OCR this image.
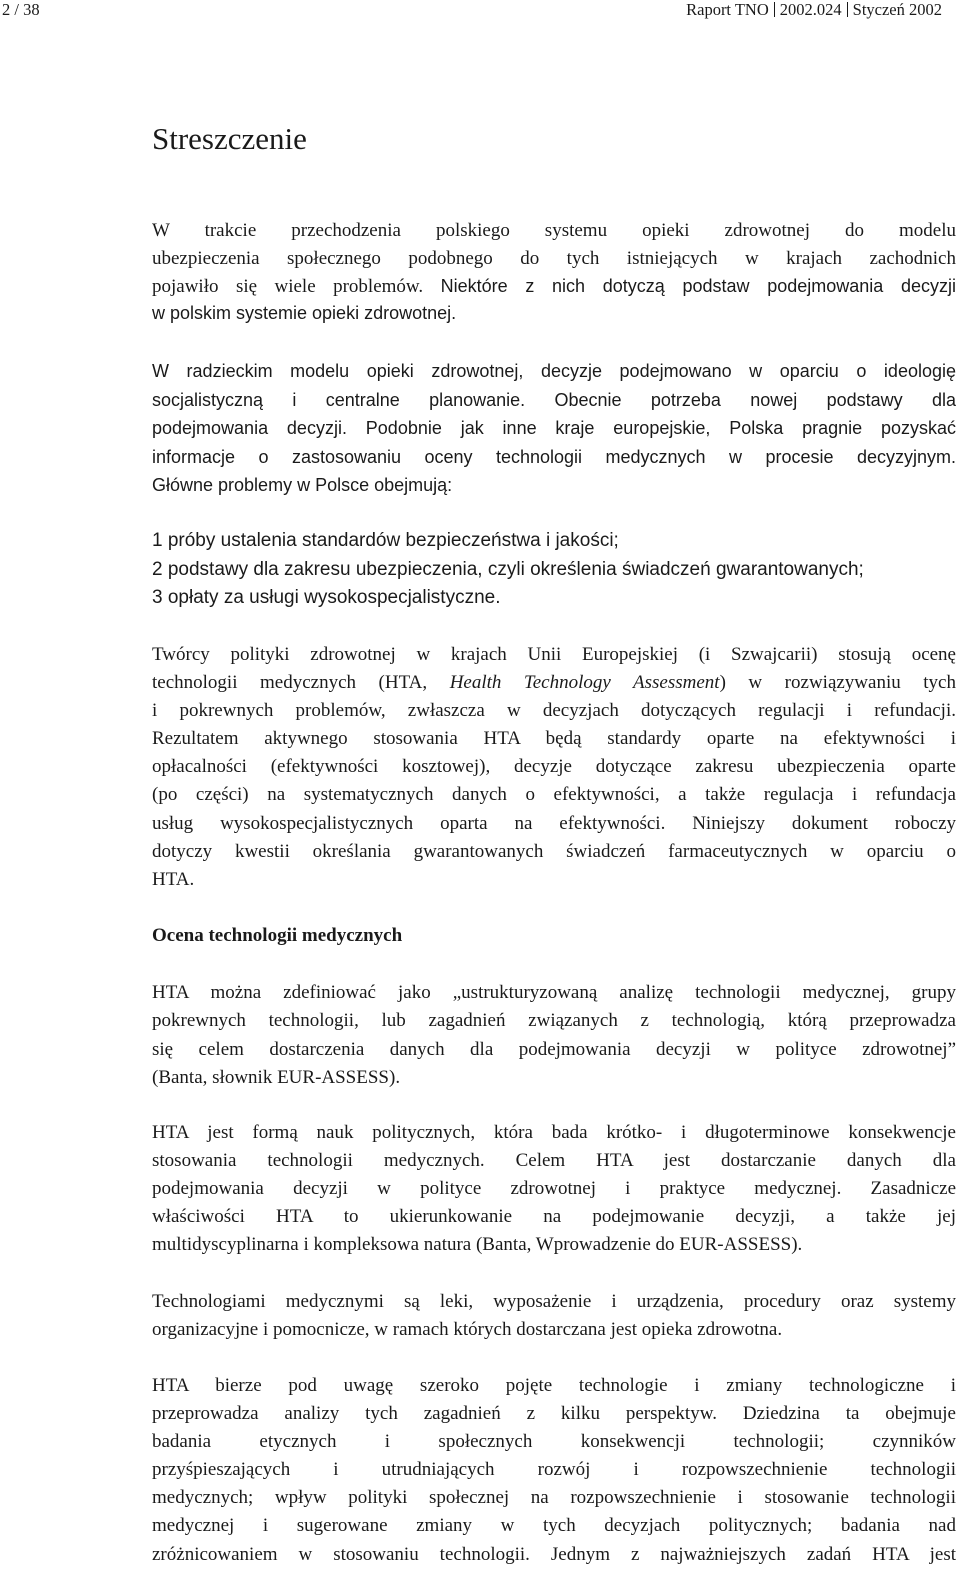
2 / 38	Raport TNO 2002.024 Styczeń 2002
Streszczenie
W trakcie przechodzenia polskiego systemu opieki zdrowotnej do modelu
ubezpieczenia społecznego podobnego do tych istniejących w krajach zachodnich
pojawiło się wiele problemów. Niektóre z nich dotyczą podstaw podejmowania decyzji
w polskim systemie opieki zdrowotnej.
W radzieckim modelu opieki zdrowotnej, decyzje podejmowano w oparciu o ideologię
socjalistyczną i centralne planowanie. Obecnie potrzeba nowej podstawy dla
podejmowania decyzji. Podobnie jak inne kraje europejskie, Polska pragnie pozyskać
informacje o zastosowaniu oceny technologii medycznych w procesie decyzyjnym.
Główne problemy w Polsce obejmują:
1 próby ustalenia standardów bezpieczeństwa i jakości;
2 podstawy dla zakresu ubezpieczenia, czyli określenia świadczeń gwarantowanych;
3 opłaty za usługi wysokospecjalistyczne.
Twórcy polityki zdrowotnej w krajach Unii Europejskiej (i Szwajcarii) stosują ocenę
technologii medycznych (HTA, Health Technology Assessment) w rozwiązywaniu tych
i pokrewnych problemów, zwłaszcza w decyzjach dotyczących regulacji i refundacji.
Rezultatem aktywnego stosowania HTA będą standardy oparte na efektywności i
opłacalności (efektywności kosztowej), decyzje dotyczące zakresu ubezpieczenia oparte
(po części) na systematycznych danych o efektywności, a także regulacja i refundacja
usług wysokospecjalistycznych oparta na efektywności. Niniejszy dokument roboczy
dotyczy kwestii określania gwarantowanych świadczeń farmaceutycznych w oparciu o
HTA.
Ocena technologii medycznych
HTA można zdefiniować jako „ustrukturyzowaną analizę technologii medycznej, grupy
pokrewnych technologii, lub zagadnień związanych z technologią, którą przeprowadza
się celem dostarczenia danych dla podejmowania decyzji w polityce zdrowotnej”
(Banta, słownik EUR-ASSESS).
HTA jest formą nauk politycznych, która bada krótko- i długoterminowe konsekwencje
stosowania technologii medycznych. Celem HTA jest dostarczanie danych dla
podejmowania decyzji w polityce zdrowotnej i praktyce medycznej. Zasadnicze
właściwości HTA to ukierunkowanie na podejmowanie decyzji, a także jej
multidyscyplinarna i kompleksowa natura (Banta, Wprowadzenie do EUR-ASSESS).
Technologiami medycznymi są leki, wyposażenie i urządzenia, procedury oraz systemy
organizacyjne i pomocnicze, w ramach których dostarczana jest opieka zdrowotna.
HTA bierze pod uwagę szeroko pojęte technologie i zmiany technologiczne i
przeprowadza analizy tych zagadnień z kilku perspektyw. Dziedzina ta obejmuje
badania etycznych i społecznych konsekwencji technologii; czynników
przyśpieszających i utrudniających rozwój i rozpowszechnienie technologii
medycznych; wpływ polityki społecznej na rozpowszechnienie i stosowanie technologii
medycznej i sugerowane zmiany w tych decyzjach politycznych; badania nad
zróżnicowaniem w stosowaniu technologii. Jednym z najważniejszych zadań HTA jest
